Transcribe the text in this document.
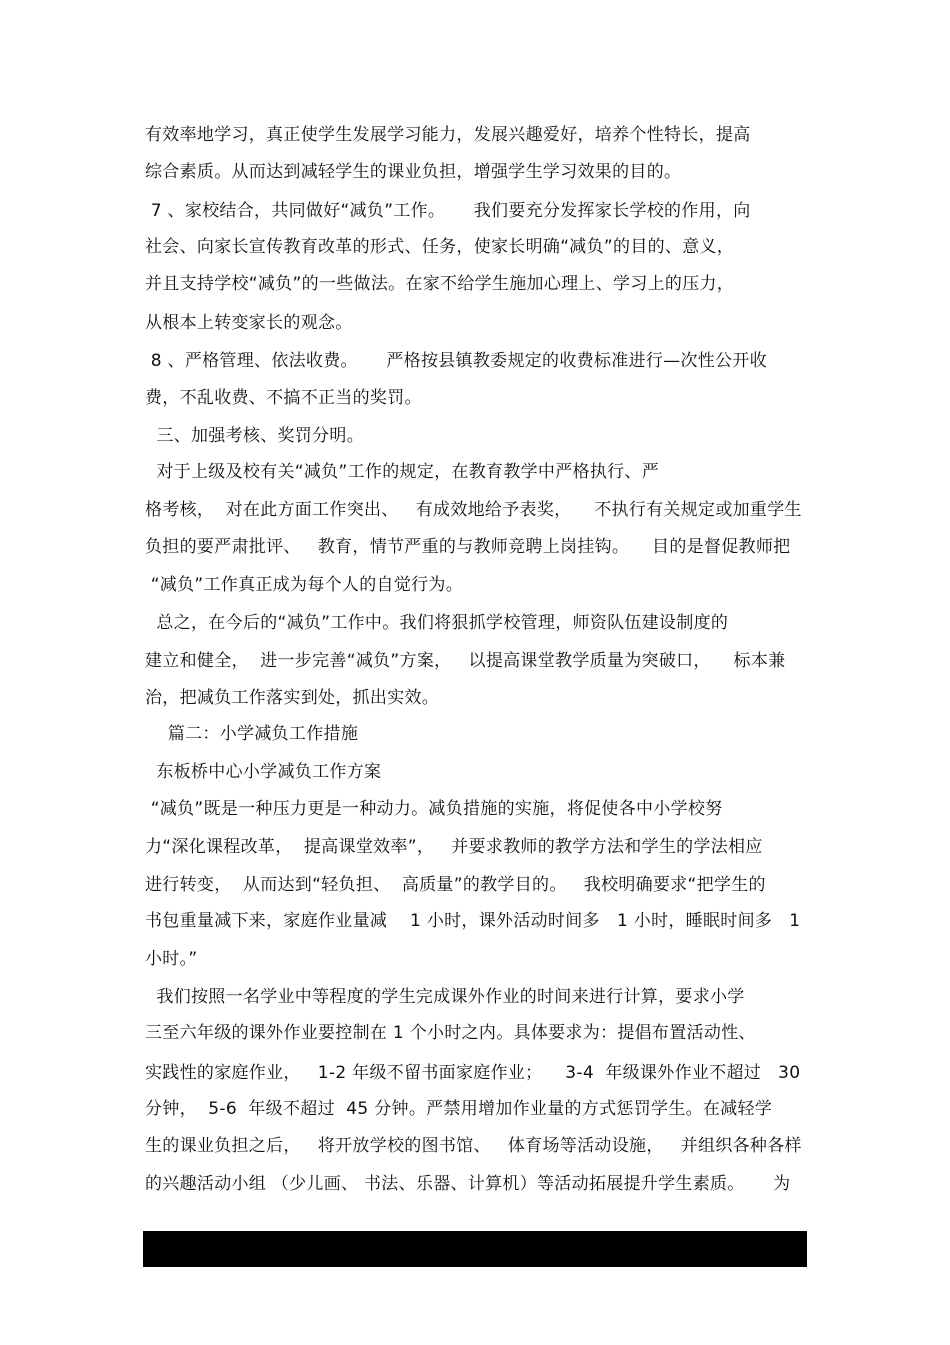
有效率地学习，真正使学生发展学习能力，发展兴趣爱好，培养个性特长，提高
综合素质。从而达到减轻学生的课业负担，增强学生学习效果的目的。
7 、家校结合，共同做好“减负”工作。     我们要充分发挥家长学校的作用，向
社会、向家长宣传教育改革的形式、任务，使家长明确“减负”的目的、意义，
并且支持学校“减负”的一些做法。在家不给学生施加心理上、学习上的压力，
从根本上转变家长的观念。
8 、严格管理、依法收费。     严格按县镇教委规定的收费标准进行—次性公开收
费，不乱收费、不搞不正当的奖罚。
三、加强考核、奖罚分明。
对于上级及校有关“减负”工作的规定，在教育教学中严格执行、严
格考核，  对在此方面工作突出、   有成效地给予表奖，    不执行有关规定或加重学生
负担的要严肃批评、   教育，情节严重的与教师竞聘上岗挂钩。    目的是督促教师把
“减负”工作真正成为每个人的自觉行为。
总之，在今后的“减负”工作中。我们将狠抓学校管理，师资队伍建设制度的
建立和健全，  进一步完善“减负”方案，   以提高课堂教学质量为突破口，    标本兼
治，把减负工作落实到处，抓出实效。
篇二：小学减负工作措施
东板桥中心小学减负工作方案
“减负”既是一种压力更是一种动力。减负措施的实施，将促使各中小学校努
力“深化课程改革，  提高课堂效率”，   并要求教师的教学方法和学生的学法相应
进行转变，  从而达到“轻负担、  高质量”的教学目的。   我校明确要求“把学生的
书包重量减下来，家庭作业量减    1 小时，课外活动时间多   1 小时，睡眠时间多   1
小时。”
我们按照一名学业中等程度的学生完成课外作业的时间来进行计算，要求小学
三至六年级的课外作业要控制在 1 个小时之内。具体要求为：提倡布置活动性、
实践性的家庭作业，   1-2 年级不留书面家庭作业；    3-4  年级课外作业不超过   30
分钟，  5-6  年级不超过  45 分钟。严禁用增加作业量的方式惩罚学生。在减轻学
生的课业负担之后，   将开放学校的图书馆、   体育场等活动设施，   并组织各种各样
的兴趣活动小组 （少儿画、 书法、乐器、计算机）等活动拓展提升学生素质。     为
